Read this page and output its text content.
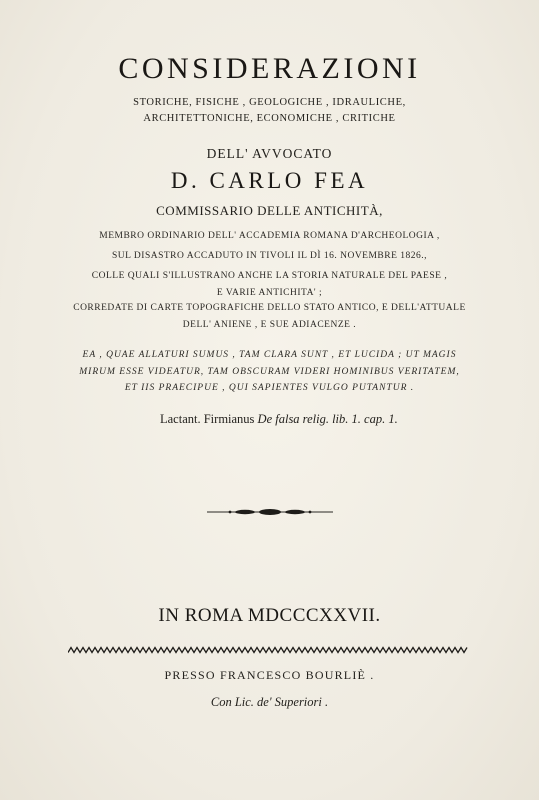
CONSIDERAZIONI
STORICHE, FISICHE , GEOLOGICHE , IDRAULICHE,
ARCHITETTONICHE, ECONOMICHE , CRITICHE
DELL' AVVOCATO
D. CARLO FEA
COMMISSARIO DELLE ANTICHITÀ,
MEMBRO ORDINARIO DELL' ACCADEMIA ROMANA D'ARCHEOLOGIA ,
SUL DISASTRO ACCADUTO IN TIVOLI IL DÌ 16. NOVEMBRE 1826.,
COLLE QUALI S'ILLUSTRANO ANCHE LA STORIA NATURALE DEL PAESE ,
E VARIE ANTICHITA' ;
CORREDATE DI CARTE TOPOGRAFICHE DELLO STATO ANTICO, E DELL'ATTUALE
DELL' ANIENE , E SUE ADIACENZE .
EA , QUAE ALLATURI SUMUS , TAM CLARA SUNT , ET LUCIDA ; UT MAGIS
MIRUM ESSE VIDEATUR, TAM OBSCURAM VIDERI HOMINIBUS VERITATEM,
ET IIS PRAECIPUE , QUI SAPIENTES VULGO PUTANTUR .
Lactant. Firmianus De falsa relig. lib. 1. cap. 1.
IN ROMA MDCCCXXVII.
PRESSO FRANCESCO BOURLIÈ .
Con Lic. de' Superiori .
